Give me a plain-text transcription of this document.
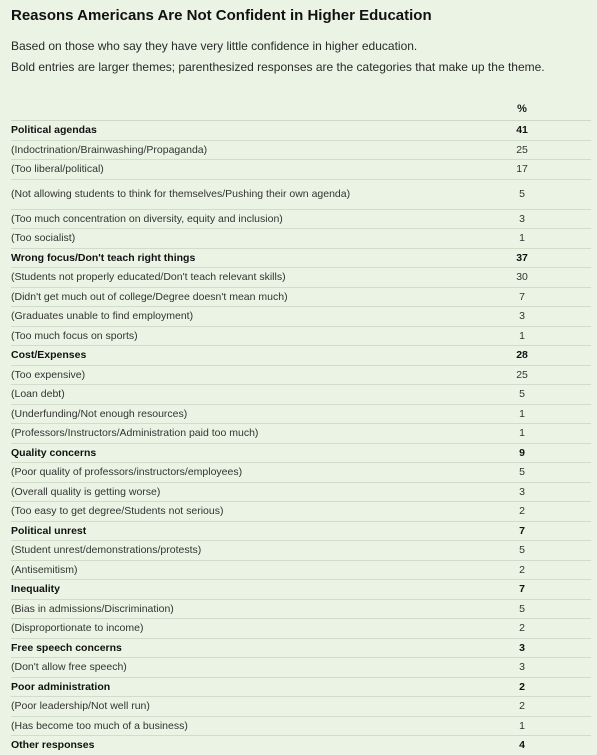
Reasons Americans Are Not Confident in Higher Education
Based on those who say they have very little confidence in higher education.
Bold entries are larger themes; parenthesized responses are the categories that make up the theme.
	%
Political agendas	41
(Indoctrination/Brainwashing/Propaganda)	25
(Too liberal/political)	17
(Not allowing students to think for themselves/Pushing their own agenda)	5
(Too much concentration on diversity, equity and inclusion)	3
(Too socialist)	1
Wrong focus/Don't teach right things	37
(Students not properly educated/Don't teach relevant skills)	30
(Didn't get much out of college/Degree doesn't mean much)	7
(Graduates unable to find employment)	3
(Too much focus on sports)	1
Cost/Expenses	28
(Too expensive)	25
(Loan debt)	5
(Underfunding/Not enough resources)	1
(Professors/Instructors/Administration paid too much)	1
Quality concerns	9
(Poor quality of professors/instructors/employees)	5
(Overall quality is getting worse)	3
(Too easy to get degree/Students not serious)	2
Political unrest	7
(Student unrest/demonstrations/protests)	5
(Antisemitism)	2
Inequality	7
(Bias in admissions/Discrimination)	5
(Disproportionate to income)	2
Free speech concerns	3
(Don't allow free speech)	3
Poor administration	2
(Poor leadership/Not well run)	2
(Has become too much of a business)	1
Other responses	4
